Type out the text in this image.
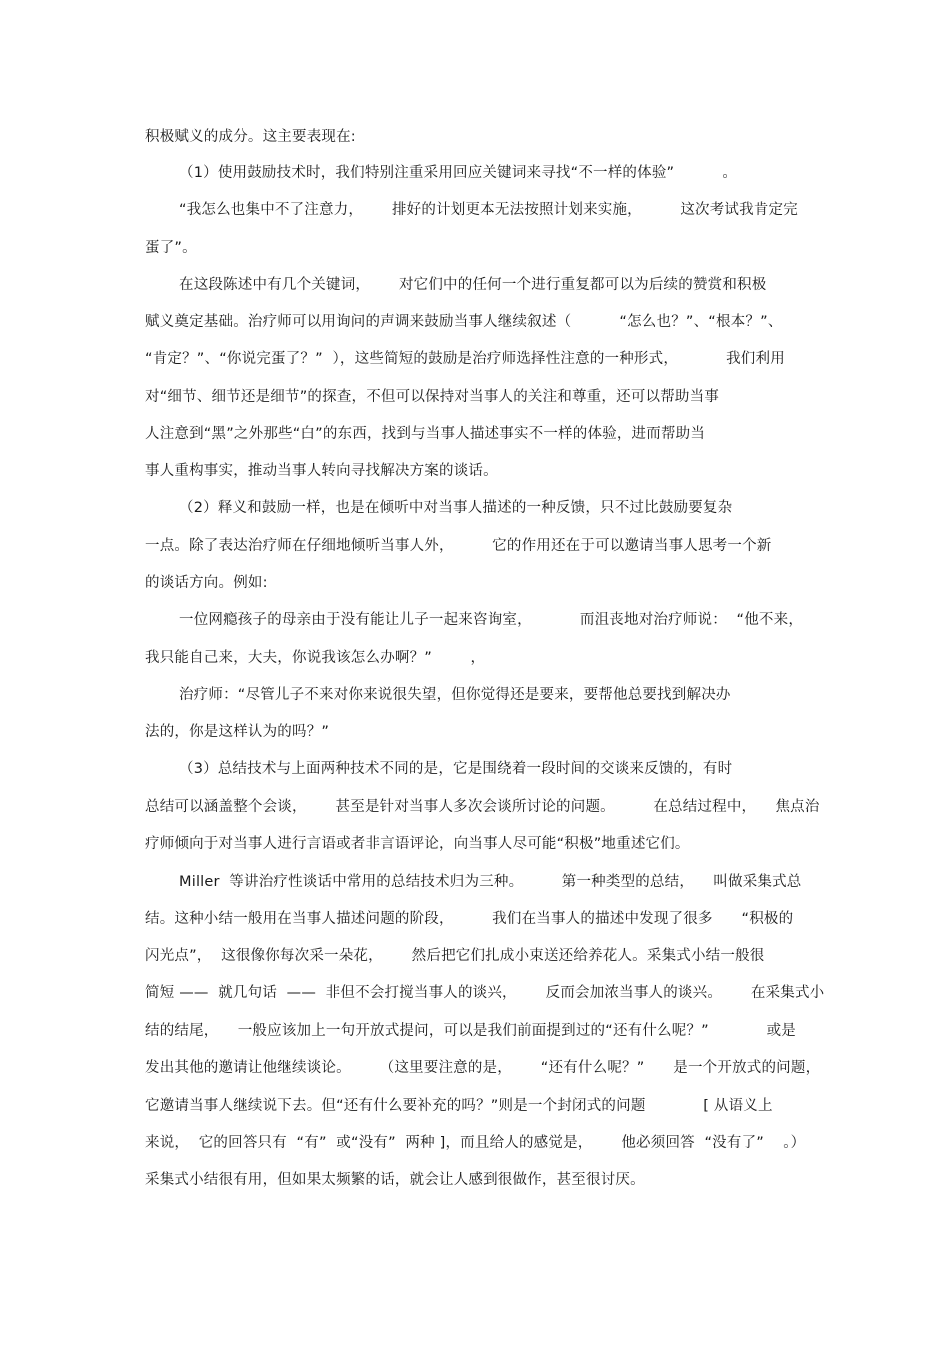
积极赋义的成分。这主要表现在:
（1）使用鼓励技术时，我们特别注重采用回应关键词来寻找“不一样的体验”          。
“我怎么也集中不了注意力，      排好的计划更本无法按照计划来实施，        这次考试我肯定完
蛋了”。
在这段陈述中有几个关键词，      对它们中的任何一个进行重复都可以为后续的赞赏和积极
赋义奠定基础。治疗师可以用询问的声调来鼓励当事人继续叙述（          “怎么也？”、“根本？”、
“肯定？”、“你说完蛋了？”  ），这些简短的鼓励是治疗师选择性注意的一种形式，          我们利用
对“细节、细节还是细节”的探查，不但可以保持对当事人的关注和尊重，还可以帮助当事
人注意到“黑”之外那些“白”的东西，找到与当事人描述事实不一样的体验，进而帮助当
事人重构事实，推动当事人转向寻找解决方案的谈话。
（2）释义和鼓励一样，也是在倾听中对当事人描述的一种反馈，只不过比鼓励要复杂
一点。除了表达治疗师在仔细地倾听当事人外，        它的作用还在于可以邀请当事人思考一个新
的谈话方向。例如:
一位网瘾孩子的母亲由于没有能让儿子一起来咨询室，          而沮丧地对治疗师说：  “他不来，
我只能自己来，大夫，你说我该怎么办啊？”        ，
治疗师：“尽管儿子不来对你来说很失望，但你觉得还是要来，要帮他总要找到解决办
法的，你是这样认为的吗？”
（3）总结技术与上面两种技术不同的是，它是围绕着一段时间的交谈来反馈的，有时
总结可以涵盖整个会谈，      甚至是针对当事人多次会谈所讨论的问题。        在总结过程中，    焦点治
疗师倾向于对当事人进行言语或者非言语评论，向当事人尽可能“积极”地重述它们。
Miller  等讲治疗性谈话中常用的总结技术归为三种。        第一种类型的总结，    叫做采集式总
结。这种小结一般用在当事人描述问题的阶段，        我们在当事人的描述中发现了很多      “积极的
闪光点”，  这很像你每次采一朵花，      然后把它们扎成小束送还给养花人。采集式小结一般很
简短 ——  就几句话  ——  非但不会打搅当事人的谈兴，      反而会加浓当事人的谈兴。      在采集式小
结的结尾，    一般应该加上一句开放式提问，可以是我们前面提到过的“还有什么呢？”            或是
发出其他的邀请让他继续谈论。      （这里要注意的是，      “还有什么呢？”      是一个开放式的问题，
它邀请当事人继续说下去。但“还有什么要补充的吗？”则是一个封闭式的问题            [ 从语义上
来说，  它的回答只有  “有”  或“没有”  两种 ]，而且给人的感觉是，      他必须回答  “没有了”    。）
采集式小结很有用，但如果太频繁的话，就会让人感到很做作，甚至很讨厌。
